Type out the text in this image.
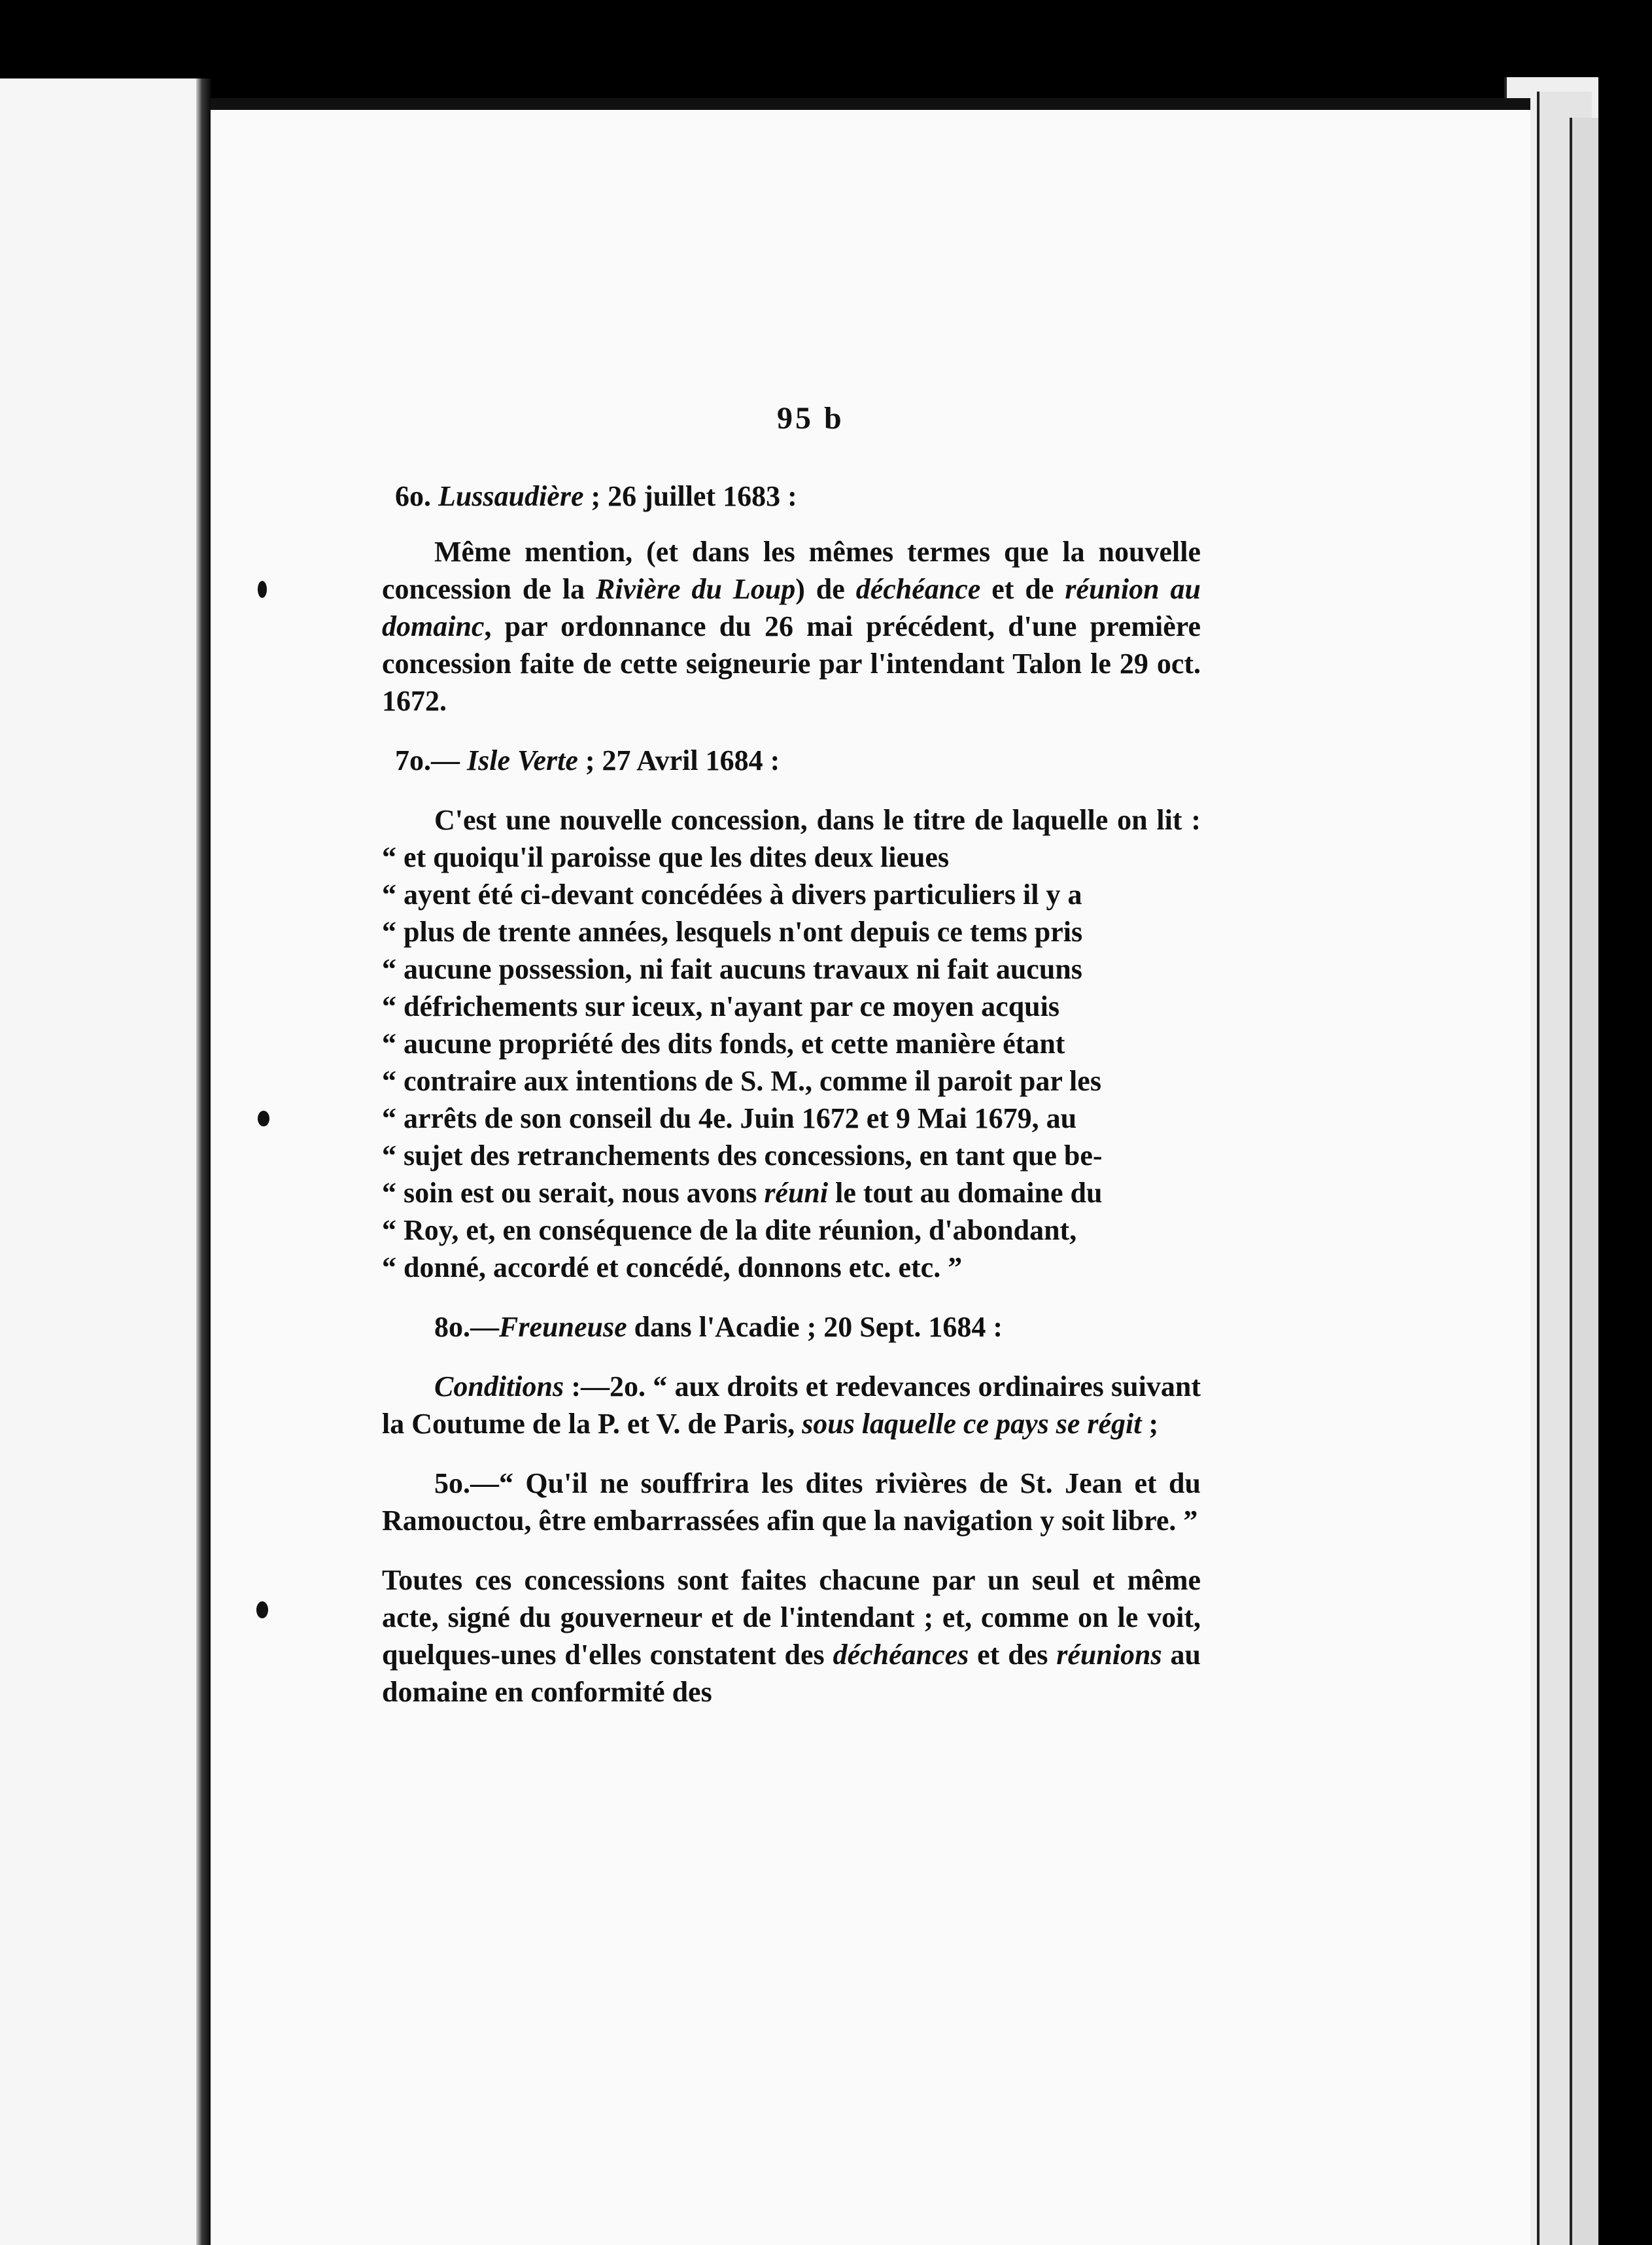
95 b

6o. Lussaudière ; 26 juillet 1683 :

Même mention, (et dans les mêmes termes que la nouvelle concession de la Rivière du Loup) de déchéance et de réunion au domainc, par ordonnance du 26 mai précédent, d'une première concession faite de cette seigneurie par l'intendant Talon le 29 oct. 1672.

7o.— Isle Verte ; 27 Avril 1684 :

C'est une nouvelle concession, dans le titre de laquelle on lit : “ et quoiqu'il paroisse que les dites deux lieues

“ ayent été ci-devant concédées à divers particuliers il y a
“ plus de trente années, lesquels n'ont depuis ce tems pris
“ aucune possession, ni fait aucuns travaux ni fait aucuns
“ défrichements sur iceux, n'ayant par ce moyen acquis
“ aucune propriété des dits fonds, et cette manière étant
“ contraire aux intentions de S. M., comme il paroit par les
“ arrêts de son conseil du 4e. Juin 1672 et 9 Mai 1679, au
“ sujet des retranchements des concessions, en tant que be-
“ soin est ou serait, nous avons réuni le tout au domaine du
“ Roy, et, en conséquence de la dite réunion, d'abondant,
“ donné, accordé et concédé, donnons etc. etc. ”

8o.—Freuneuse dans l'Acadie ; 20 Sept. 1684 :

Conditions :—2o. “ aux droits et redevances ordinaires suivant la Coutume de la P. et V. de Paris, sous laquelle ce pays se régit ;

5o.—“ Qu'il ne souffrira les dites rivières de St. Jean et du Ramouctou, être embarrassées afin que la navigation y soit libre. ”

Toutes ces concessions sont faites chacune par un seul et même acte, signé du gouverneur et de l'intendant ; et, comme on le voit, quelques-unes d'elles constatent des déchéances et des réunions au domaine en conformité des
